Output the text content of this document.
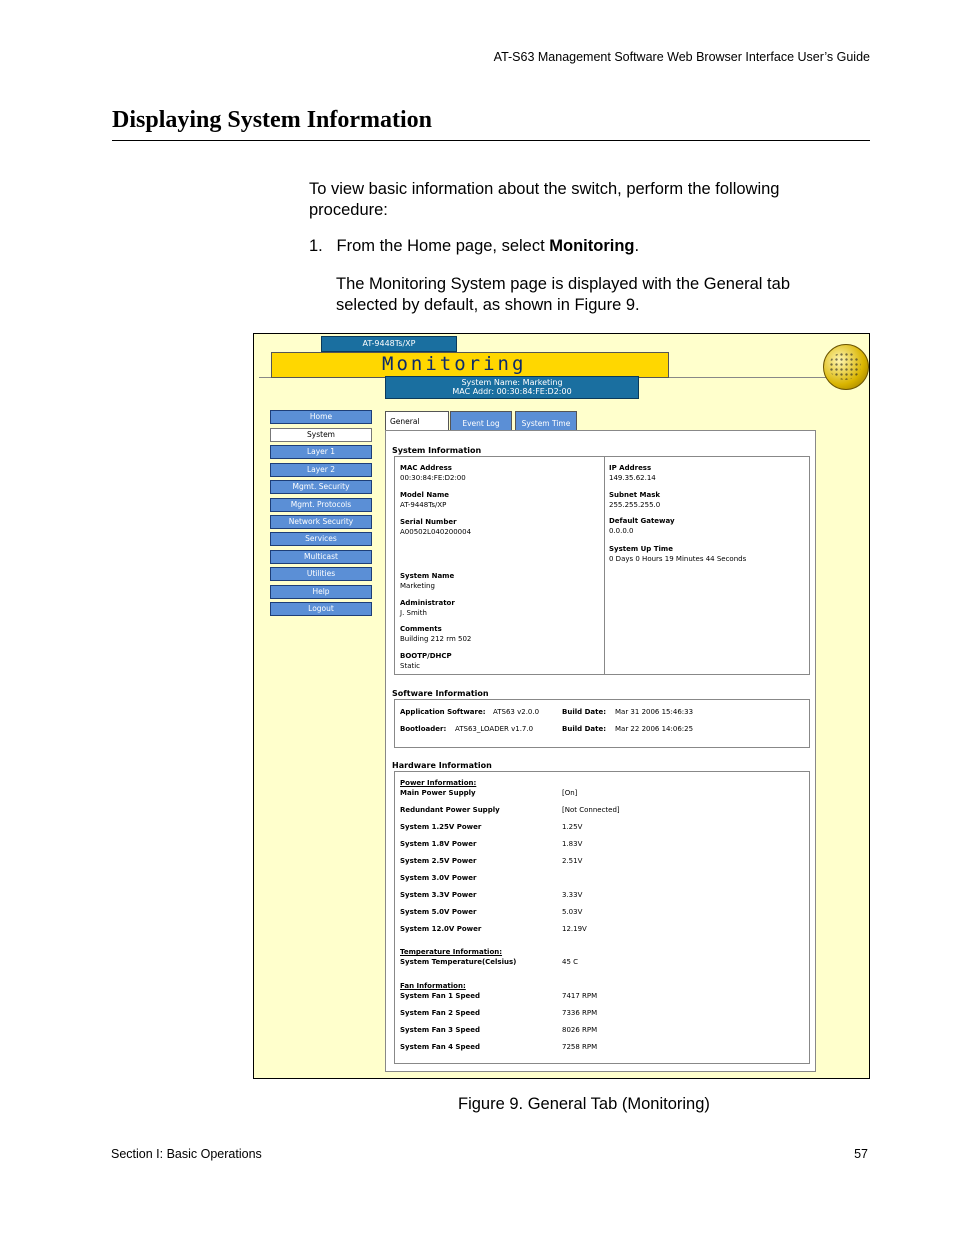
AT-S63 Management Software Web Browser Interface User’s Guide
Displaying System Information
To view basic information about the switch, perform the following
procedure:
1.   From the Home page, select Monitoring.
The Monitoring System page is displayed with the General tab
selected by default, as shown in Figure 9.
AT-9448Ts/XP
Monitoring
System Name: Marketing
MAC Addr: 00:30:84:FE:D2:00
Home
System
Layer 1
Layer 2
Mgmt. Security
Mgmt. Protocols
Network Security
Services
Multicast
Utilities
Help
Logout
General	Event Log	System Time
System Information
MAC Address
00:30:84:FE:D2:00
Model Name
AT-9448Ts/XP
Serial Number
A00502L040200004
IP Address
149.35.62.14
Subnet Mask
255.255.255.0
Default Gateway
0.0.0.0
System Up Time
0 Days 0 Hours 19 Minutes 44 Seconds
System Name
Marketing
Administrator
J. Smith
Comments
Building 212 rm 502
BOOTP/DHCP
Static
Software Information
Application Software: ATS63 v2.0.0	Build Date: Mar 31 2006 15:46:33
Bootloader: ATS63_LOADER v1.7.0	Build Date: Mar 22 2006 14:06:25
Hardware Information
Power Information:
Main Power Supply	[On]
Redundant Power Supply	[Not Connected]
System 1.25V Power	1.25V
System 1.8V Power	1.83V
System 2.5V Power	2.51V
System 3.0V Power
System 3.3V Power	3.33V
System 5.0V Power	5.03V
System 12.0V Power	12.19V
Temperature Information:
System Temperature(Celsius)	45 C
Fan Information:
System Fan 1 Speed	7417 RPM
System Fan 2 Speed	7336 RPM
System Fan 3 Speed	8026 RPM
System Fan 4 Speed	7258 RPM
Figure 9. General Tab (Monitoring)
Section I: Basic Operations	57
